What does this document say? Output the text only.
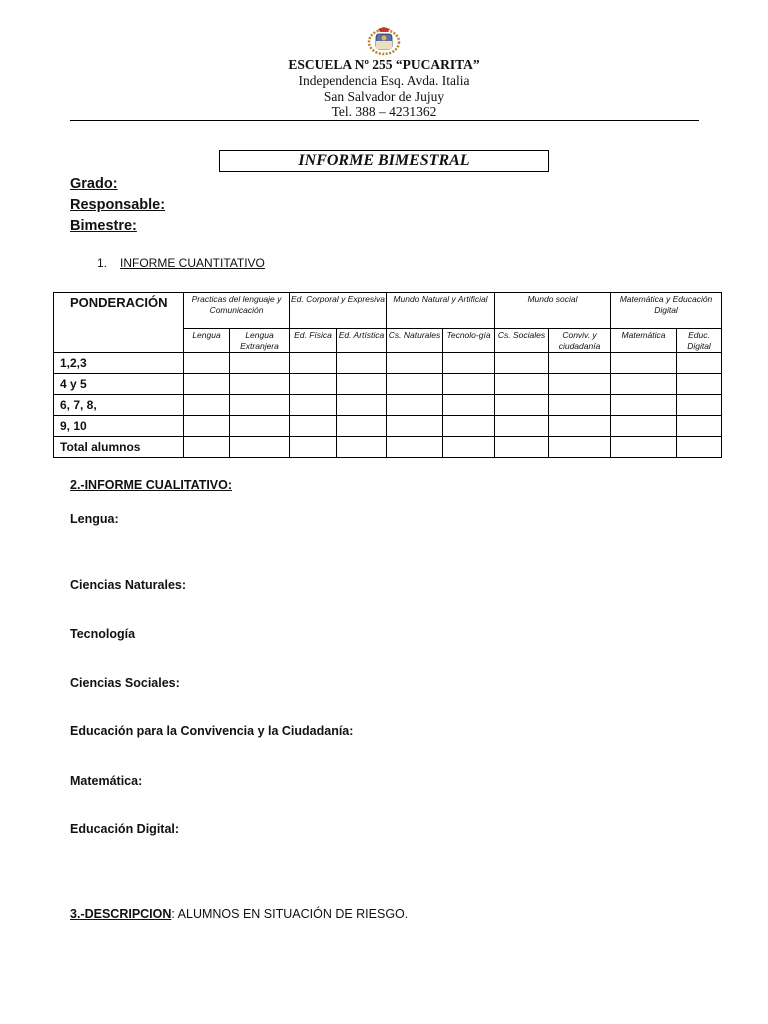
ESCUELA Nº 255 “PUCARITA”
Independencia Esq. Avda. Italia
San Salvador de Jujuy
Tel. 388 – 4231362
INFORME BIMESTRAL
Grado:
Responsable:
Bimestre:
1. INFORME CUANTITATIVO
PONDERACIÓN	Practicas del lenguaje y Comunicación		Ed. Corporal y Expresiva		Mundo Natural y Artificial		Mundo social		Matemática y Educación Digital	
	Lengua	Lengua Extranjera	Ed. Física	Ed. Artística	Cs. Naturales	Tecnolo-gía	Cs. Sociales	Conviv. y ciudadanía	Matemática	Educ. Digital
1,2,3										
4 y 5										
6, 7, 8,										
9, 10										
Total alumnos										
2.-INFORME CUALITATIVO:
Lengua:
Ciencias Naturales:
Tecnología
Ciencias Sociales:
Educación para la Convivencia y la Ciudadanía:
Matemática:
Educación Digital:
3.-DESCRIPCION: ALUMNOS EN SITUACIÓN DE RIESGO.
